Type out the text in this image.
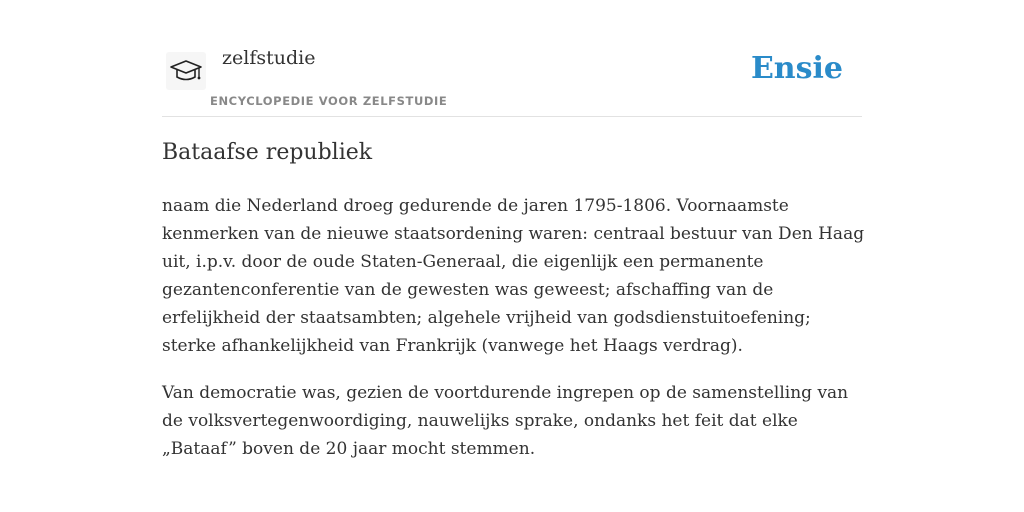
zelfstudie
ENCYCLOPEDIE VOOR ZELFSTUDIE
Ensie
Bataafse republiek

naam die Nederland droeg gedurende de jaren 1795-1806. Voornaamste
kenmerken van de nieuwe staatsordening waren: centraal bestuur van Den Haag
uit, i.p.v. door de oude Staten-Generaal, die eigenlijk een permanente
gezantenconferentie van de gewesten was geweest; afschaffing van de
erfelijkheid der staatsambten; algehele vrijheid van godsdienstuitoefening;
sterke afhankelijkheid van Frankrijk (vanwege het Haags verdrag).

Van democratie was, gezien de voortdurende ingrepen op de samenstelling van
de volksvertegenwoordiging, nauwelijks sprake, ondanks het feit dat elke
„Bataaf” boven de 20 jaar mocht stemmen.
